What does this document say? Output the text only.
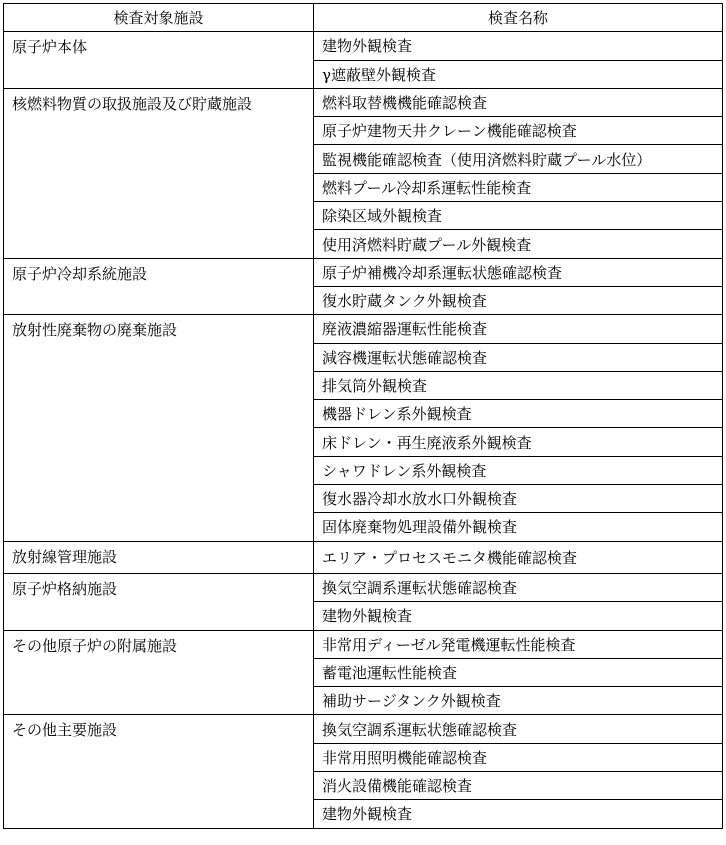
検査対象施設	検査名称
原子炉本体	建物外観検査
	γ遮蔽壁外観検査
核燃料物質の取扱施設及び貯蔵施設	燃料取替機機能確認検査
	原子炉建物天井クレーン機能確認検査
	監視機能確認検査（使用済燃料貯蔵プール水位）
	燃料プール冷却系運転性能検査
	除染区域外観検査
	使用済燃料貯蔵プール外観検査
原子炉冷却系統施設	原子炉補機冷却系運転状態確認検査
	復水貯蔵タンク外観検査
放射性廃棄物の廃棄施設	廃液濃縮器運転性能検査
	減容機運転状態確認検査
	排気筒外観検査
	機器ドレン系外観検査
	床ドレン・再生廃液系外観検査
	シャワドレン系外観検査
	復水器冷却水放水口外観検査
	固体廃棄物処理設備外観検査
放射線管理施設	エリア・プロセスモニタ機能確認検査
原子炉格納施設	換気空調系運転状態確認検査
	建物外観検査
その他原子炉の附属施設	非常用ディーゼル発電機運転性能検査
	蓄電池運転性能検査
	補助サージタンク外観検査
その他主要施設	換気空調系運転状態確認検査
	非常用照明機能確認検査
	消火設備機能確認検査
	建物外観検査
